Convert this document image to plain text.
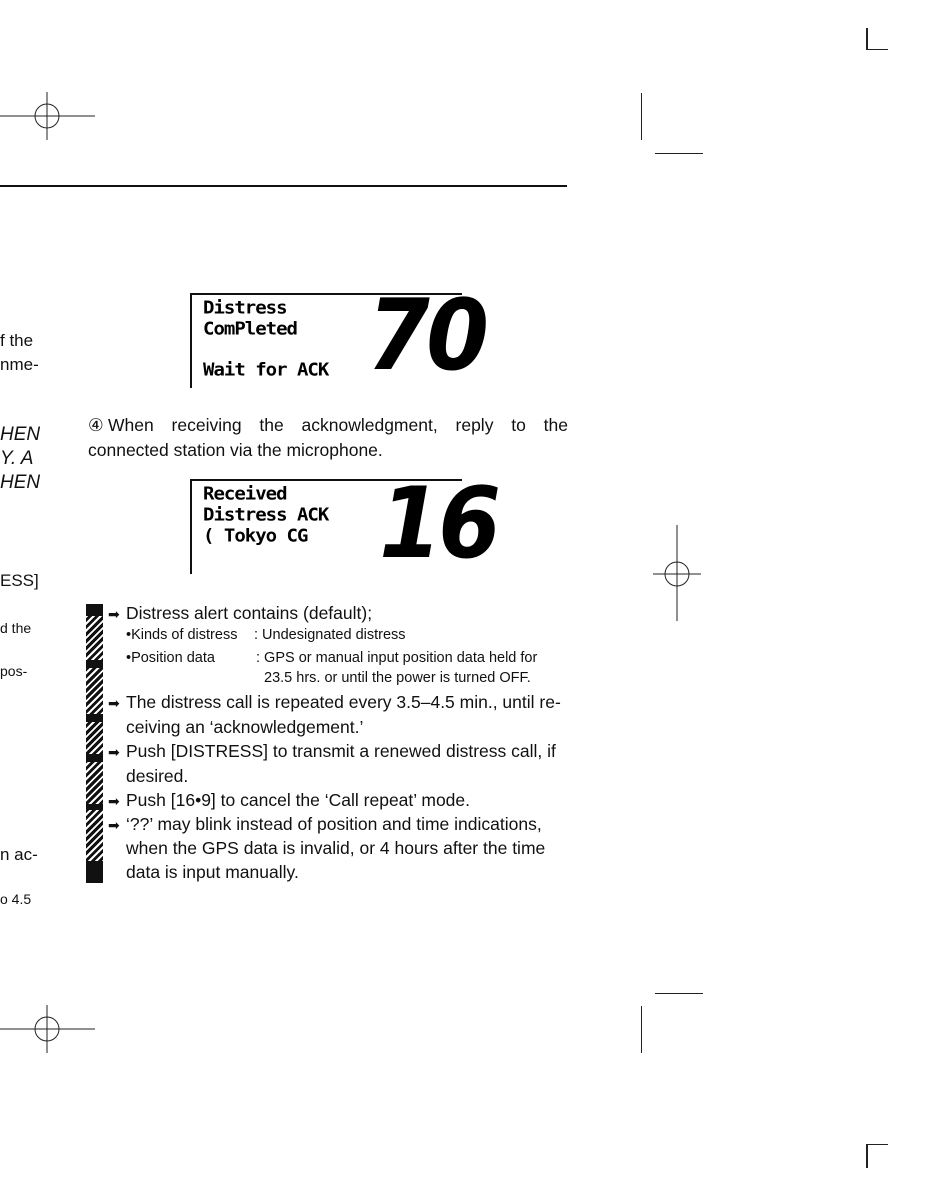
f the
nme-
HEN
Y. A
HEN
ESS]
d the
pos-
n ac-
o 4.5
Distress
ComPleted
Wait for ACK 70
④ When receiving the acknowledgment, reply to the connected station via the microphone.
Received
Distress ACK
( Tokyo CG 16
➡ Distress alert contains (default);
•Kinds of distress : Undesignated distress
•Position data	: GPS or manual input position data held for
23.5 hrs. or until the power is turned OFF.
➡ The distress call is repeated every 3.5–4.5 min., until re-
ceiving an ‘acknowledgement.’
➡ Push [DISTRESS] to transmit a renewed distress call, if
desired.
➡ Push [16•9] to cancel the ‘Call repeat’ mode.
➡ ‘??’ may blink instead of position and time indications,
when the GPS data is invalid, or 4 hours after the time
data is input manually.
